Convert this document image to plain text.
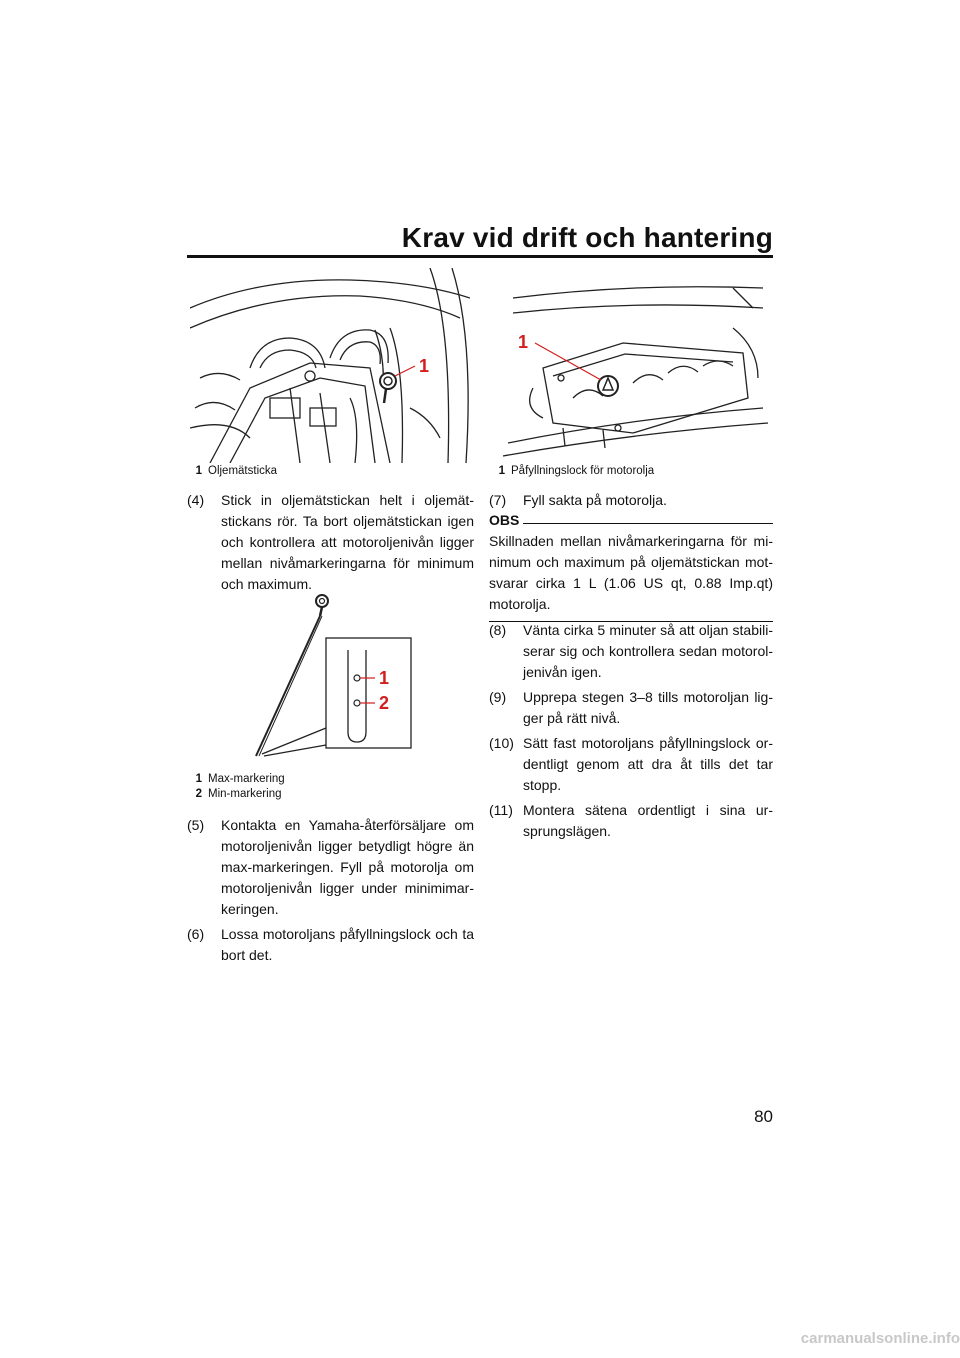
Krav vid drift och hantering
1
1 Oljemätsticka
1
1 Påfyllningslock för motorolja
(4)	Stick in oljemätstickan helt i oljemät-stickans rör. Ta bort oljemätstickan igen och kontrollera att motoroljenivån ligger mellan nivåmarkeringarna för minimum och maximum.
1
2
1 Max-markering
2 Min-markering
(5)	Kontakta en Yamaha-återförsäljare om motoroljenivån ligger betydligt högre än max-markeringen. Fyll på motorolja om motoroljenivån ligger under minimimar-keringen.
(6)	Lossa motoroljans påfyllningslock och ta bort det.
(7)	Fyll sakta på motorolja.
OBS
Skillnaden mellan nivåmarkeringarna för mi-nimum och maximum på oljemätstickan mot-svarar cirka 1 L (1.06 US qt, 0.88 Imp.qt) motorolja.
(8)	Vänta cirka 5 minuter så att oljan stabili-serar sig och kontrollera sedan motorol-jenivån igen.
(9)	Upprepa stegen 3–8 tills motoroljan lig-ger på rätt nivå.
(10) Sätt fast motoroljans påfyllningslock or-dentligt genom att dra åt tills det tar stopp.
(11) Montera sätena ordentligt i sina ur-sprungslägen.
80
carmanualsonline.info
